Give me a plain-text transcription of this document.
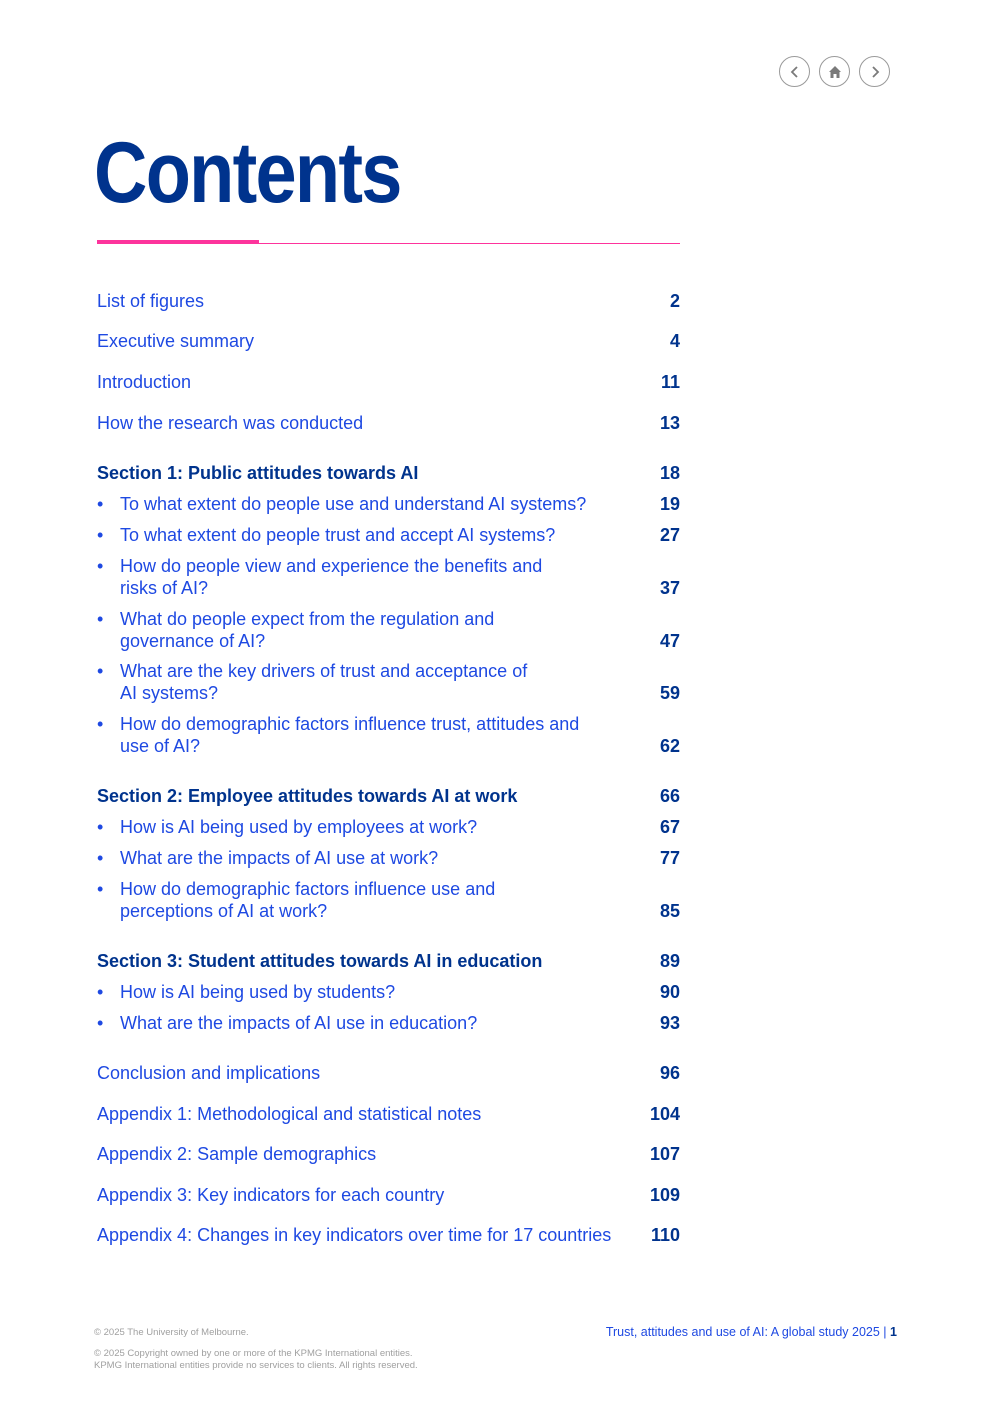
Contents
List of figures	2
Executive summary	4
Introduction	11
How the research was conducted	13
Section 1: Public attitudes towards AI	18
• To what extent do people use and understand AI systems?	19
• To what extent do people trust and accept AI systems?	27
• How do people view and experience the benefits and risks of AI?	37
• What do people expect from the regulation and governance of AI?	47
• What are the key drivers of trust and acceptance of AI systems?	59
• How do demographic factors influence trust, attitudes and use of AI?	62
Section 2: Employee attitudes towards AI at work	66
• How is AI being used by employees at work?	67
• What are the impacts of AI use at work?	77
• How do demographic factors influence use and perceptions of AI at work?	85
Section 3: Student attitudes towards AI in education	89
• How is AI being used by students?	90
• What are the impacts of AI use in education?	93
Conclusion and implications	96
Appendix 1: Methodological and statistical notes	104
Appendix 2: Sample demographics	107
Appendix 3: Key indicators for each country	109
Appendix 4: Changes in key indicators over time for 17 countries 110
© 2025 The University of Melbourne.
© 2025 Copyright owned by one or more of the KPMG International entities.
KPMG International entities provide no services to clients. All rights reserved.
Trust, attitudes and use of AI: A global study 2025 | 1
